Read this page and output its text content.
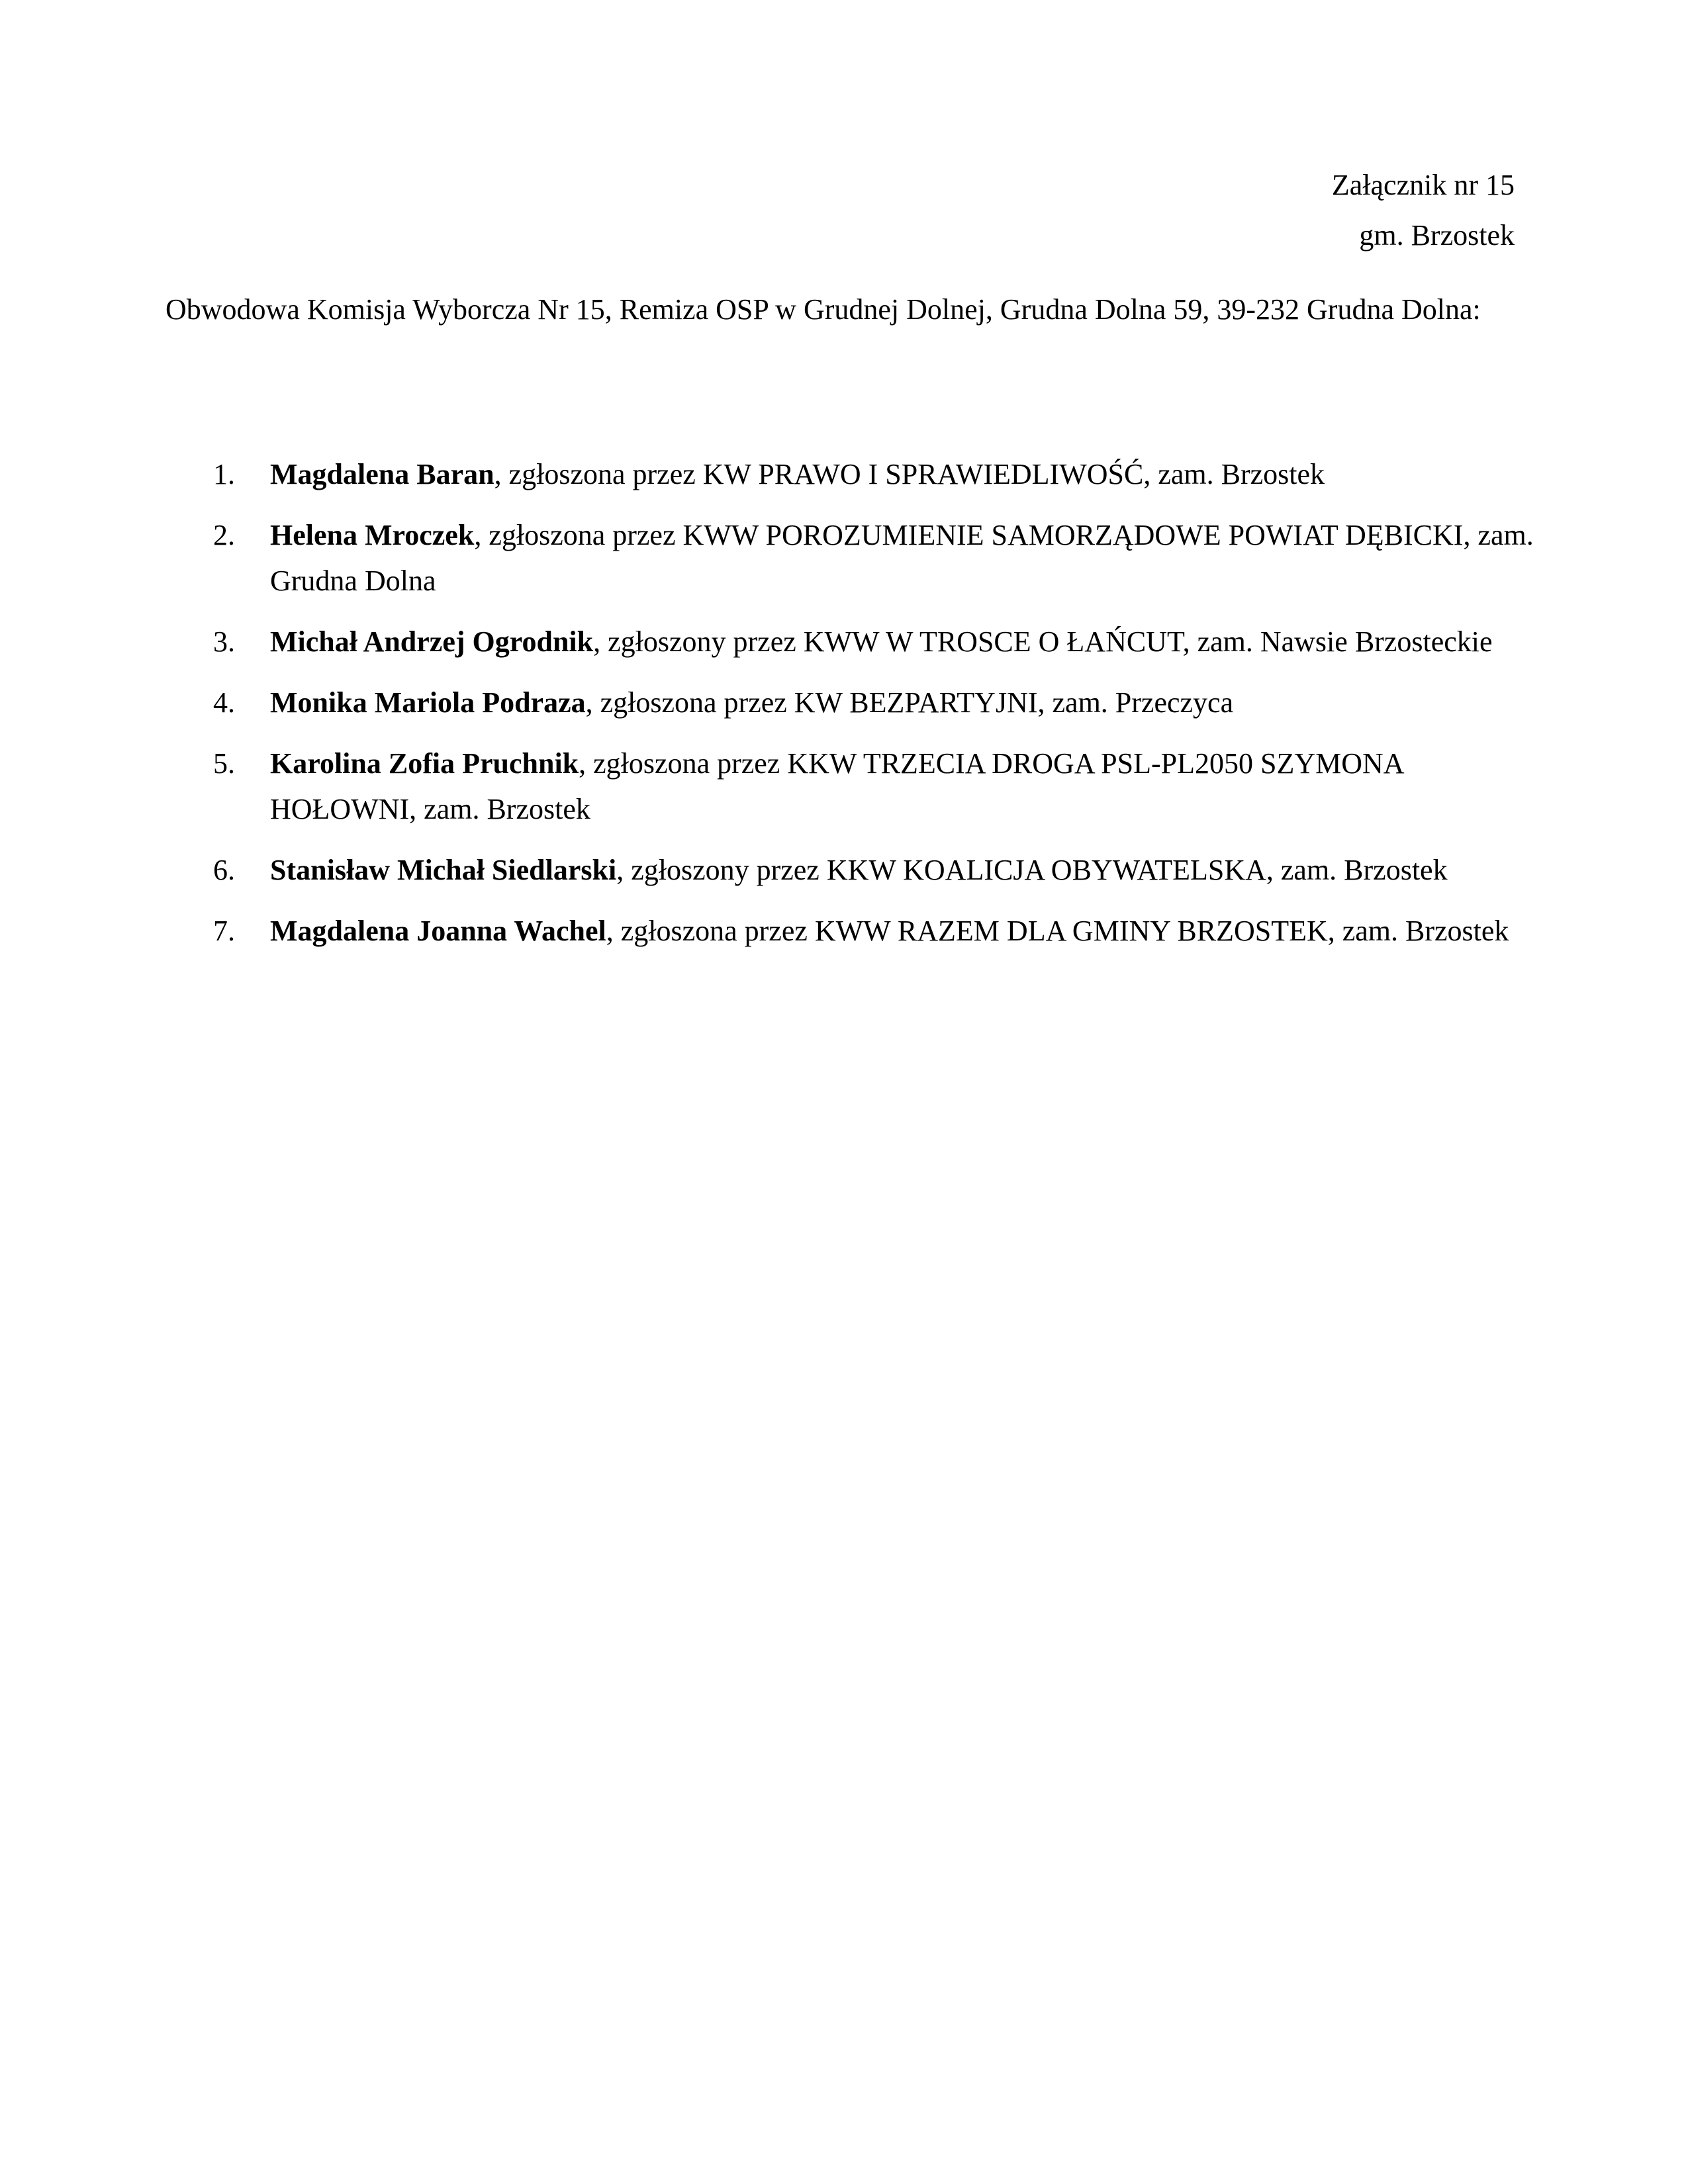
Załącznik nr 15
gm. Brzostek
Obwodowa Komisja Wyborcza Nr 15, Remiza OSP w Grudnej Dolnej, Grudna Dolna 59, 39-232 Grudna Dolna:
1. Magdalena Baran, zgłoszona przez KW PRAWO I SPRAWIEDLIWOŚĆ, zam. Brzostek
2. Helena Mroczek, zgłoszona przez KWW POROZUMIENIE SAMORZĄDOWE POWIAT DĘBICKI, zam. Grudna Dolna
3. Michał Andrzej Ogrodnik, zgłoszony przez KWW W TROSCE O ŁAŃCUT, zam. Nawsie Brzosteckie
4. Monika Mariola Podraza, zgłoszona przez KW BEZPARTYJNI, zam. Przeczyca
5. Karolina Zofia Pruchnik, zgłoszona przez KKW TRZECIA DROGA PSL-PL2050 SZYMONA HOŁOWNI, zam. Brzostek
6. Stanisław Michał Siedlarski, zgłoszony przez KKW KOALICJA OBYWATELSKA, zam. Brzostek
7. Magdalena Joanna Wachel, zgłoszona przez KWW RAZEM DLA GMINY BRZOSTEK, zam. Brzostek
